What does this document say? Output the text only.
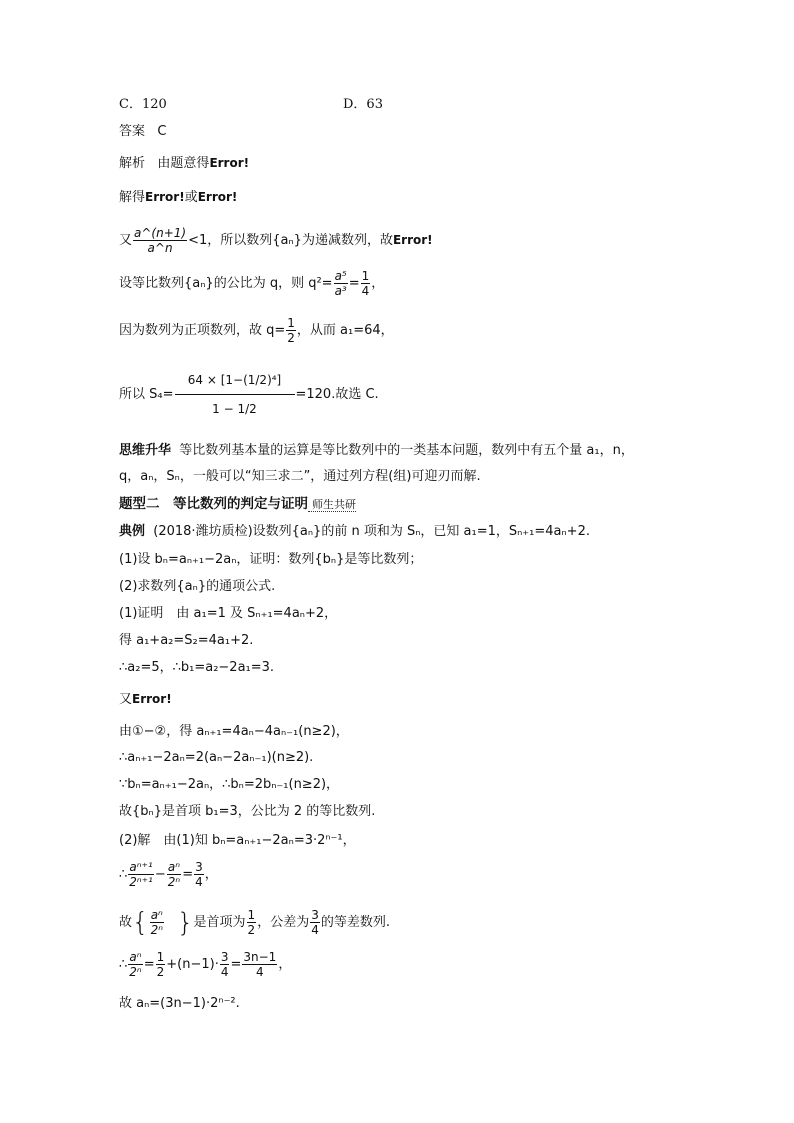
C．120	D．63
答案 C
解析 由题意得Error!
解得Error!或Error!
又 $\frac{a\^{}(n+1)}{a\^{}n} <1$，所以数列{aₙ}为递减数列，故Error!
设等比数列{aₙ}的公比为 q，则 $q^2= \frac{\text{a⁵}}{\text{a³}} = \frac{1}{4}$ ，
因为数列为正项数列，故 $q= \frac{1}{2}$ ，从而 a₁=64，
所以 $S_4= \frac{\text{64 × [1−(1/2)⁴]}}{1 - 1/2} =120$.故选 C.
思维升华 等比数列基本量的运算是等比数列中的一类基本问题，数列中有五个量 a₁，n，
q，aₙ，Sₙ，一般可以“知三求二”，通过列方程(组)可迎刃而解.
题型二　等比数列的判定与证明 师生共研
典例 (2018·潍坊质检)设数列{aₙ}的前 n 项和为 Sₙ，已知 a₁=1，Sₙ₊₁=4aₙ+2.
(1)设 bₙ=aₙ₊₁−2aₙ，证明：数列{bₙ}是等比数列；
(2)求数列{aₙ}的通项公式.
(1)证明　由 a₁=1 及 Sₙ₊₁=4aₙ+2，
得 a₁+a₂=S₂=4a₁+2.
∴a₂=5，∴b₁=a₂−2a₁=3.
又Error!
由①−②，得 aₙ₊₁=4aₙ−4aₙ₋₁(n≥2)，
∴aₙ₊₁−2aₙ=2(aₙ−2aₙ₋₁)(n≥2).
∵bₙ=aₙ₊₁−2aₙ，∴bₙ=2bₙ₋₁(n≥2)，
故{bₙ}是首项 b₁=3，公比为 2 的等比数列.
(2)解　由(1)知 bₙ=aₙ₊₁−2aₙ=3·2ⁿ⁻¹，
∴ $\frac{\text{aⁿ⁺¹}}{\text{2ⁿ⁺¹}} - \frac{\text{aⁿ}}{\text{2ⁿ}} = \frac{3}{4}$ ，
故{ $\frac{\text{aⁿ}}{\text{2ⁿ}}$ }是首项为 $\frac{1}{2}$ ，公差为 $\frac{3}{4}$ 的等差数列.
∴ $\frac{\text{aⁿ}}{\text{2ⁿ}} = \frac{1}{2} +(n-1)\cdot \frac{3}{4} = \frac{3n-1}{4}$ ，
故 aₙ=(3n−1)·2ⁿ⁻².
